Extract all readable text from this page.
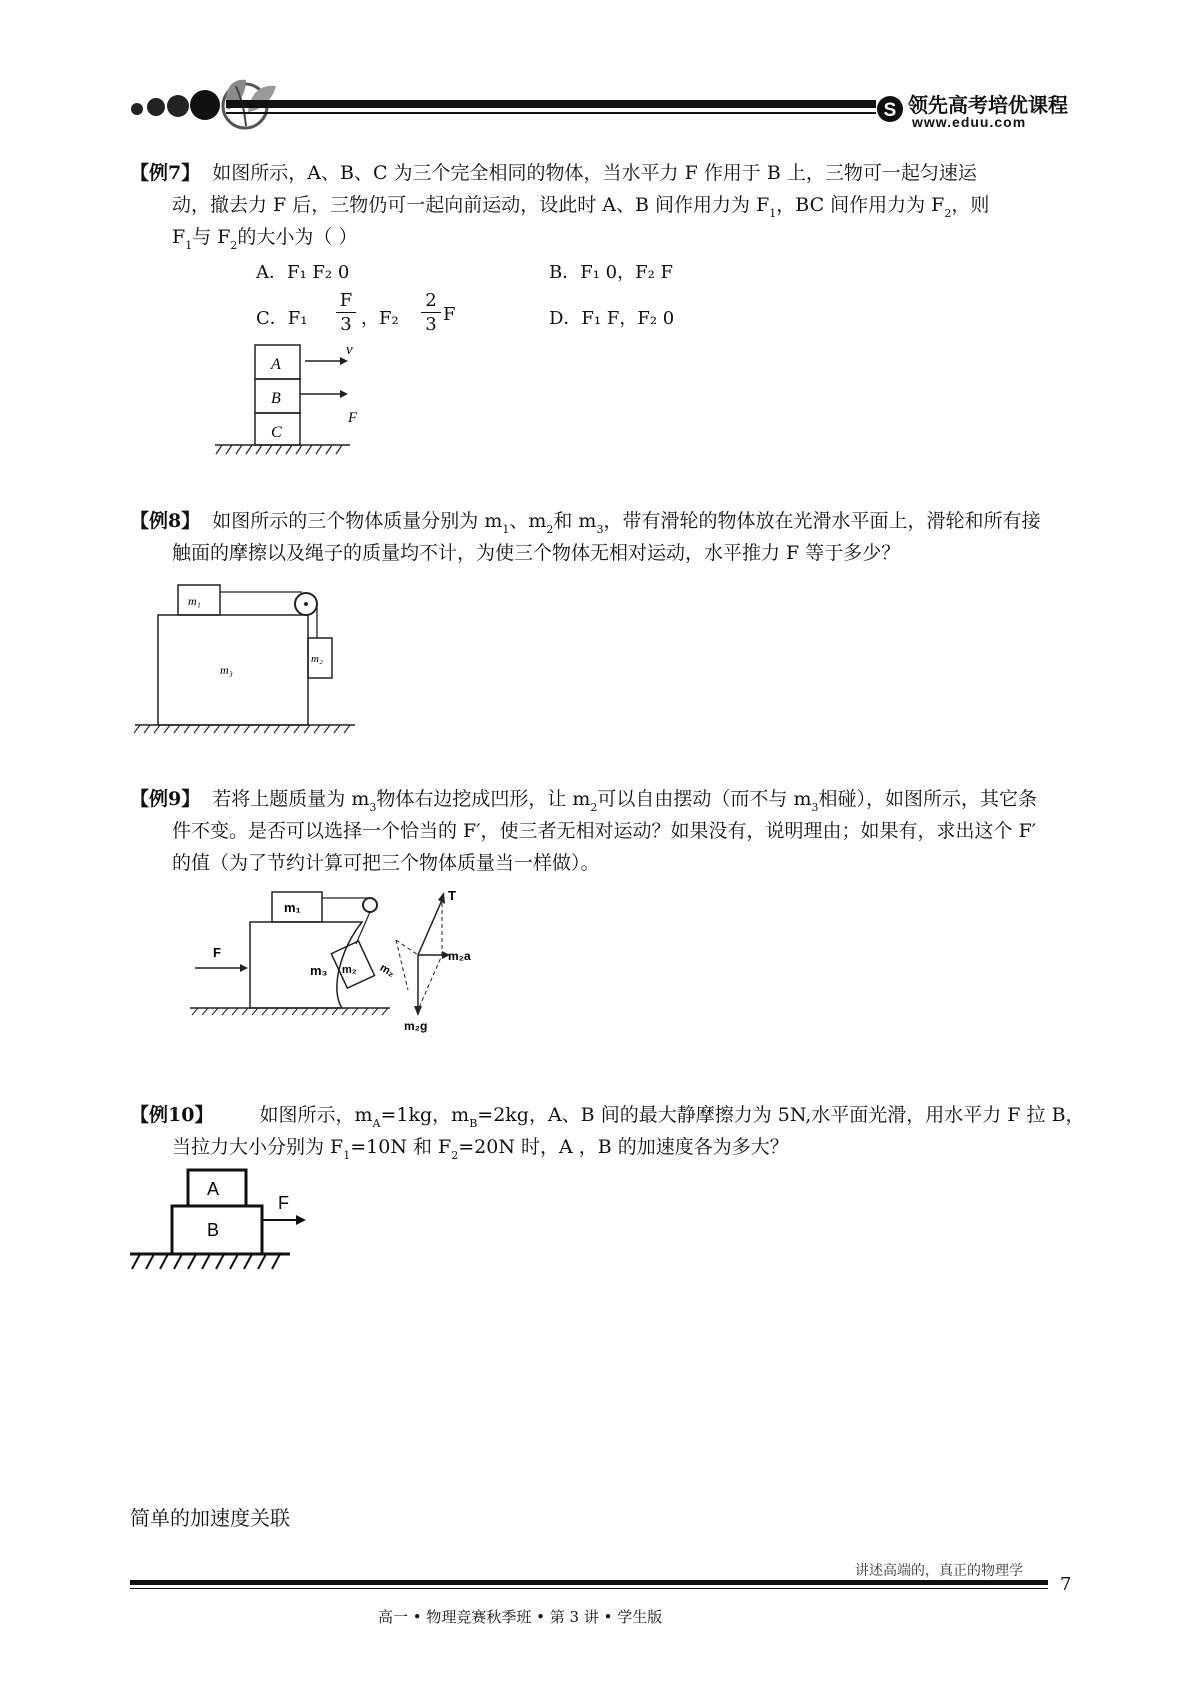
S 领先高考培优课程
www.eduu.com
【例7】 如图所示，A、B、C 为三个完全相同的物体，当水平力 F 作用于 B 上，三物可一起匀速运
动，撤去力 F 后，三物仍可一起向前运动，设此时 A、B 间作用力为 $F_1$，BC 间作用力为 $F_2$，则
$F_1$与 $F_2$的大小为（ ）
A．F₁ F₂ 0	B．F₁ 0，F₂ F
C．$F_1 \frac{F}{3}$ ，$F_2 \frac{2}{3}$ F	D．F₁ F，F₂ 0
A
B
C
v
F
【例8】 如图所示的三个物体质量分别为 $m_1$、$m_2$和 $m_3$，带有滑轮的物体放在光滑水平面上，滑轮和所有接
触面的摩擦以及绳子的质量均不计，为使三个物体无相对运动，水平推力 F 等于多少？
m₁
m₃
m₂
【例9】 若将上题质量为 $m_3$物体右边挖成凹形，让 $m_2$可以自由摆动（而不与 $m_3$相碰），如图所示，其它条
件不变。是否可以选择一个恰当的 F′，使三者无相对运动？如果没有，说明理由；如果有，求出这个 F′
的值（为了节约计算可把三个物体质量当一样做）。
F
m₁
m₃ m₂
T
m₂g
m₂a
m₂
【例10】 如图所示，$m_A=1kg$，$m_B=2kg$，A、B 间的最大静摩擦力为 5N,水平面光滑，用水平力 F 拉 B，
当拉力大小分别为 $F_1=10N$ 和 $F_2=20N$ 时，A ，B 的加速度各为多大？
A
B
F
简单的加速度关联
讲述高端的，真正的物理学
7
高一 • 物理竞赛秋季班 • 第 3 讲 • 学生版
